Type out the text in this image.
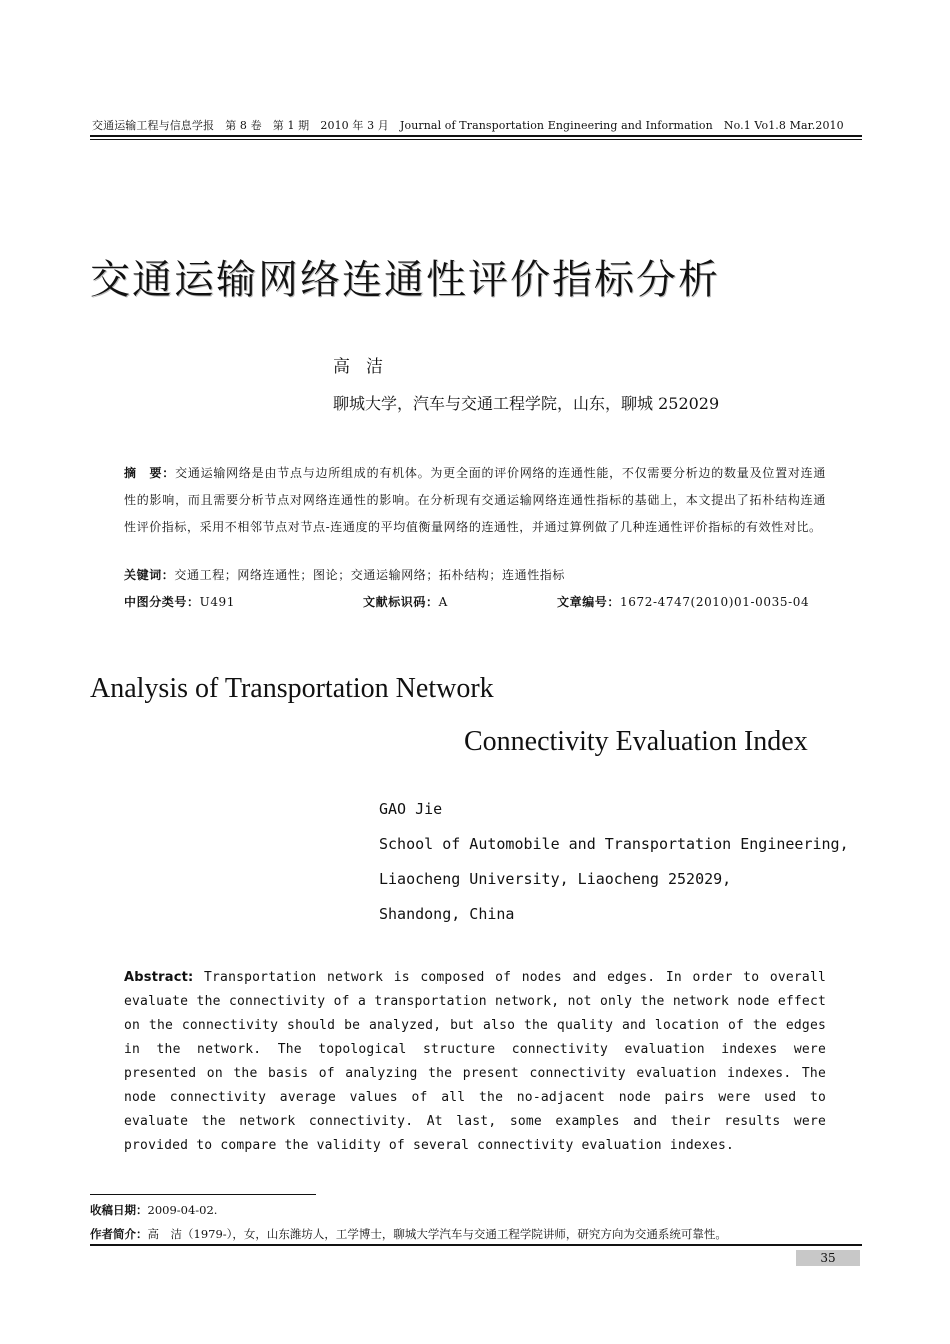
交通运输工程与信息学报　第 8 卷　第 1 期　2010 年 3 月　Journal of Transportation Engineering and Information　No.1 Vo1.8 Mar.2010
交通运输网络连通性评价指标分析
高洁
聊城大学，汽车与交通工程学院，山东，聊城 252029
摘　要：交通运输网络是由节点与边所组成的有机体。为更全面的评价网络的连通性能，不仅需要分析边的数量及位置对连通性的影响，而且需要分析节点对网络连通性的影响。在分析现有交通运输网络连通性指标的基础上，本文提出了拓朴结构连通性评价指标，采用不相邻节点对节点-连通度的平均值衡量网络的连通性，并通过算例做了几种连通性评价指标的有效性对比。
关键词：交通工程；网络连通性；图论；交通运输网络；拓朴结构；连通性指标
中图分类号：U491	文献标识码：A	文章编号：1672-4747(2010)01-0035-04
Analysis of Transportation Network
Connectivity Evaluation Index
GAO Jie
School of Automobile and Transportation Engineering,
Liaocheng University, Liaocheng 252029,
Shandong, China
Abstract: Transportation network is composed of nodes and edges. In order to overall evaluate the connectivity of a transportation network, not only the network node effect on the connectivity should be analyzed, but also the quality and location of the edges in the network. The topological structure connectivity evaluation indexes were presented on the basis of analyzing the present connectivity evaluation indexes. The node connectivity average values of all the no-adjacent node pairs were used to evaluate the network connectivity. At last, some examples and their results were provided to compare the validity of several connectivity evaluation indexes.
收稿日期：2009-04-02.
作者简介：高　洁（1979-），女，山东潍坊人，工学博士，聊城大学汽车与交通工程学院讲师，研究方向为交通系统可靠性。
35
